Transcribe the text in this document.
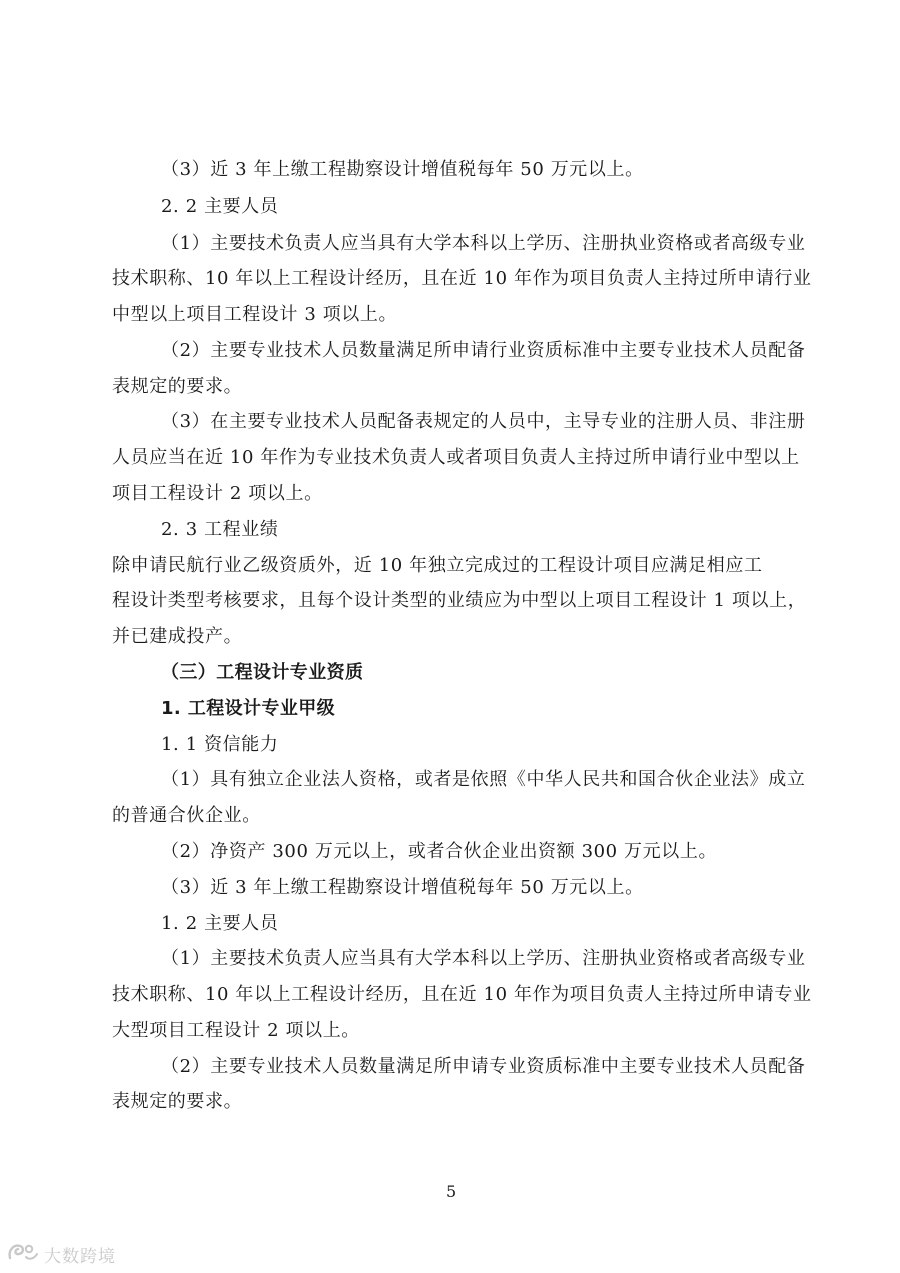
（3）近 3 年上缴工程勘察设计增值税每年 50 万元以上。
2. 2 主要人员
（1）主要技术负责人应当具有大学本科以上学历、注册执业资格或者高级专业
技术职称、10 年以上工程设计经历，且在近 10 年作为项目负责人主持过所申请行业
中型以上项目工程设计 3 项以上。
（2）主要专业技术人员数量满足所申请行业资质标准中主要专业技术人员配备
表规定的要求。
（3）在主要专业技术人员配备表规定的人员中，主导专业的注册人员、非注册
人员应当在近 10 年作为专业技术负责人或者项目负责人主持过所申请行业中型以上
项目工程设计 2 项以上。
2. 3 工程业绩
除申请民航行业乙级资质外，近 10 年独立完成过的工程设计项目应满足相应工
程设计类型考核要求，且每个设计类型的业绩应为中型以上项目工程设计 1 项以上，
并已建成投产。
（三）工程设计专业资质
1. 工程设计专业甲级
1. 1 资信能力
（1）具有独立企业法人资格，或者是依照《中华人民共和国合伙企业法》成立
的普通合伙企业。
（2）净资产 300 万元以上，或者合伙企业出资额 300 万元以上。
（3）近 3 年上缴工程勘察设计增值税每年 50 万元以上。
1. 2 主要人员
（1）主要技术负责人应当具有大学本科以上学历、注册执业资格或者高级专业
技术职称、10 年以上工程设计经历，且在近 10 年作为项目负责人主持过所申请专业
大型项目工程设计 2 项以上。
（2）主要专业技术人员数量满足所申请专业资质标准中主要专业技术人员配备
表规定的要求。
5
大数跨境
